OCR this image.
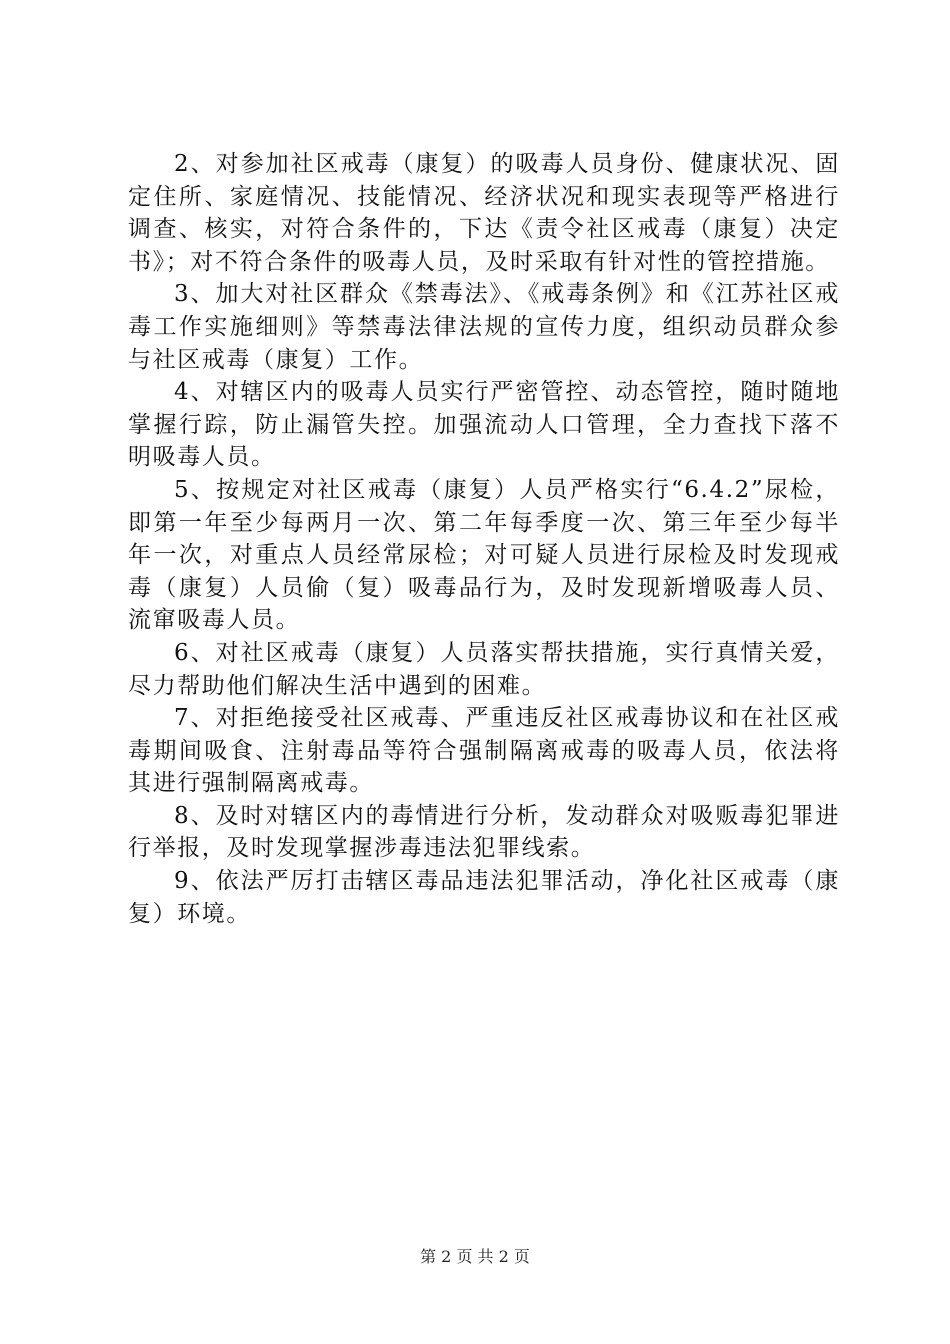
2、对参加社区戒毒（康复）的吸毒人员身份、健康状况、固定住所、家庭情况、技能情况、经济状况和现实表现等严格进行调查、核实，对符合条件的，下达《责令社区戒毒（康复）决定书》；对不符合条件的吸毒人员，及时采取有针对性的管控措施。

3、加大对社区群众《禁毒法》、《戒毒条例》和《江苏社区戒毒工作实施细则》等禁毒法律法规的宣传力度，组织动员群众参与社区戒毒（康复）工作。

4、对辖区内的吸毒人员实行严密管控、动态管控，随时随地掌握行踪，防止漏管失控。加强流动人口管理，全力查找下落不明吸毒人员。

5、按规定对社区戒毒（康复）人员严格实行“6.4.2”尿检，即第一年至少每两月一次、第二年每季度一次、第三年至少每半年一次，对重点人员经常尿检；对可疑人员进行尿检及时发现戒毒（康复）人员偷（复）吸毒品行为，及时发现新增吸毒人员、流窜吸毒人员。

6、对社区戒毒（康复）人员落实帮扶措施，实行真情关爱，尽力帮助他们解决生活中遇到的困难。

7、对拒绝接受社区戒毒、严重违反社区戒毒协议和在社区戒毒期间吸食、注射毒品等符合强制隔离戒毒的吸毒人员，依法将其进行强制隔离戒毒。

8、及时对辖区内的毒情进行分析，发动群众对吸贩毒犯罪进行举报，及时发现掌握涉毒违法犯罪线索。

9、依法严厉打击辖区毒品违法犯罪活动，净化社区戒毒（康复）环境。

第 2 页 共 2 页
